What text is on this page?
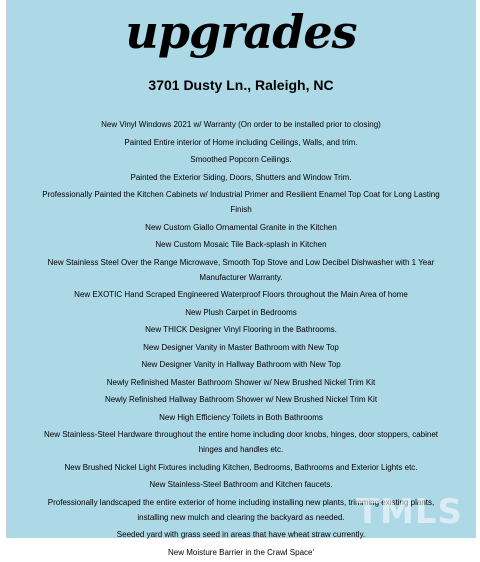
upgrades
3701 Dusty Ln., Raleigh, NC
New Vinyl Windows 2021 w/ Warranty (On order to be installed prior to closing)
Painted Entire interior of Home including Ceilings, Walls, and trim.
Smoothed Popcorn Ceilings.
Painted the Exterior Siding, Doors, Shutters and Window Trim.
Professionally Painted the Kitchen Cabinets w/ Industrial Primer and Resilient Enamel Top Coat for Long Lasting Finish
New Custom Giallo Ornamental Granite in the Kitchen
New Custom Mosaic Tile Back-splash in Kitchen
New Stainless Steel Over the Range Microwave, Smooth Top Stove and Low Decibel Dishwasher with 1 Year Manufacturer Warranty.
New EXOTIC Hand Scraped Engineered Waterproof Floors throughout the Main Area of home
New Plush Carpet in Bedrooms
New THICK Designer Vinyl Flooring in the Bathrooms.
New Designer Vanity in Master Bathroom with New Top
New Designer Vanity in Hallway Bathroom with New Top
Newly Refinished Master Bathroom Shower w/ New Brushed Nickel Trim Kit
Newly Refinished Hallway Bathroom Shower w/ New Brushed Nickel Trim Kit
New High Efficiency Toilets in Both Bathrooms
New Stainless-Steel Hardware throughout the entire home including door knobs, hinges, door stoppers, cabinet hinges and handles etc.
New Brushed Nickel Light Fixtures including Kitchen, Bedrooms, Bathrooms and Exterior Lights etc.
New Stainless-Steel Bathroom and Kitchen faucets.
Professionally landscaped the entire exterior of home including installing new plants, trimming existing plants, installing new mulch and clearing the backyard as needed.
Seeded yard with grass seed in areas that have wheat straw currently.
New Moisture Barrier in the Crawl Space'
TMLS
